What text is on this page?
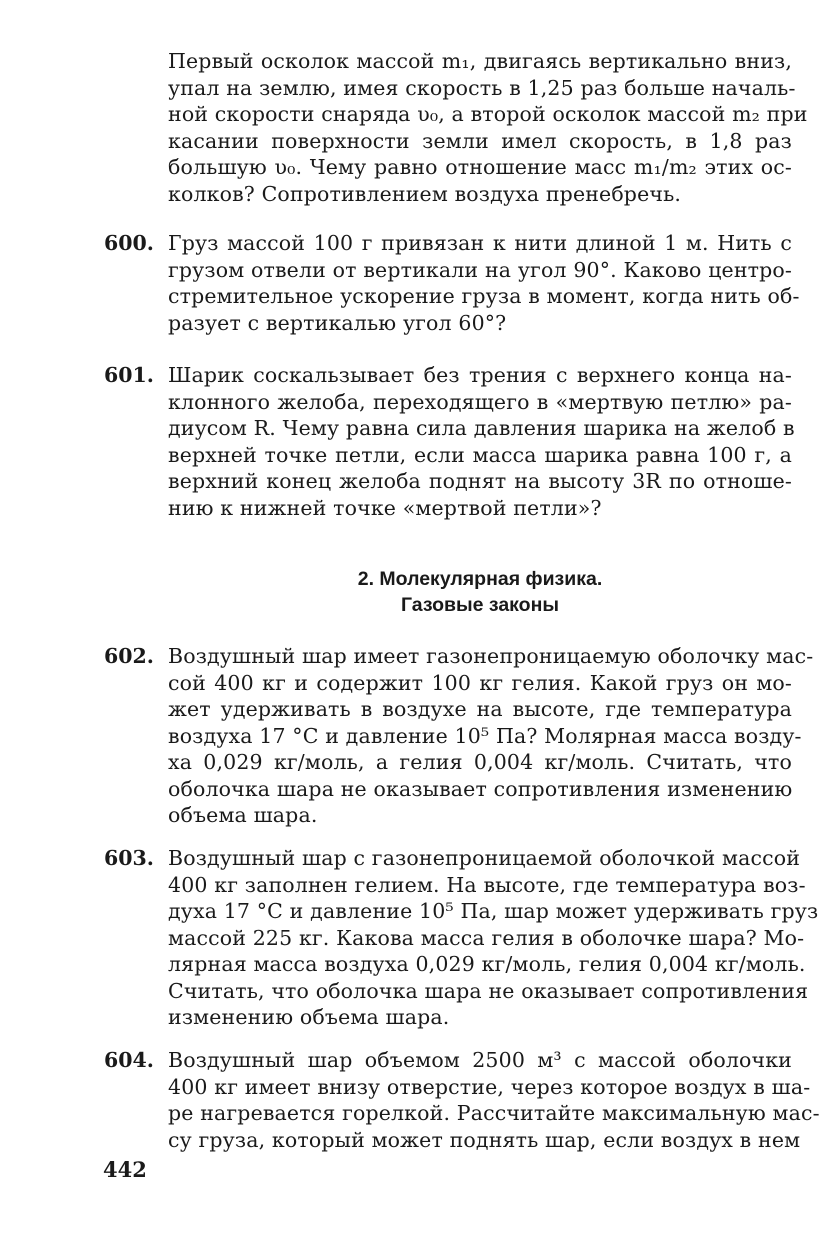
Первый осколок массой m₁, двигаясь вертикально вниз,
упал на землю, имея скорость в 1,25 раз больше началь-
ной скорости снаряда υ₀, а второй осколок массой m₂ при
касании поверхности земли имел скорость, в 1,8 раз
большую υ₀. Чему равно отношение масс m₁/m₂ этих ос-
колков? Сопротивлением воздуха пренебречь.
600. Груз массой 100 г привязан к нити длиной 1 м. Нить с
грузом отвели от вертикали на угол 90°. Каково центро-
стремительное ускорение груза в момент, когда нить об-
разует с вертикалью угол 60°?
601. Шарик соскальзывает без трения с верхнего конца на-
клонного желоба, переходящего в «мертвую петлю» ра-
диусом R. Чему равна сила давления шарика на желоб в
верхней точке петли, если масса шарика равна 100 г, а
верхний конец желоба поднят на высоту 3R по отноше-
нию к нижней точке «мертвой петли»?
2. Молекулярная физика.
Газовые законы
602. Воздушный шар имеет газонепроницаемую оболочку мас-
сой 400 кг и содержит 100 кг гелия. Какой груз он мо-
жет удерживать в воздухе на высоте, где температура
воздуха 17 °С и давление 10⁵ Па? Молярная масса возду-
ха 0,029 кг/моль, а гелия 0,004 кг/моль. Считать, что
оболочка шара не оказывает сопротивления изменению
объема шара.
603. Воздушный шар с газонепроницаемой оболочкой массой
400 кг заполнен гелием. На высоте, где температура воз-
духа 17 °С и давление 10⁵ Па, шар может удерживать груз
массой 225 кг. Какова масса гелия в оболочке шара? Мо-
лярная масса воздуха 0,029 кг/моль, гелия 0,004 кг/моль.
Считать, что оболочка шара не оказывает сопротивления
изменению объема шара.
604. Воздушный шар объемом 2500 м³ с массой оболочки
400 кг имеет внизу отверстие, через которое воздух в ша-
ре нагревается горелкой. Рассчитайте максимальную мас-
су груза, который может поднять шар, если воздух в нем
442
